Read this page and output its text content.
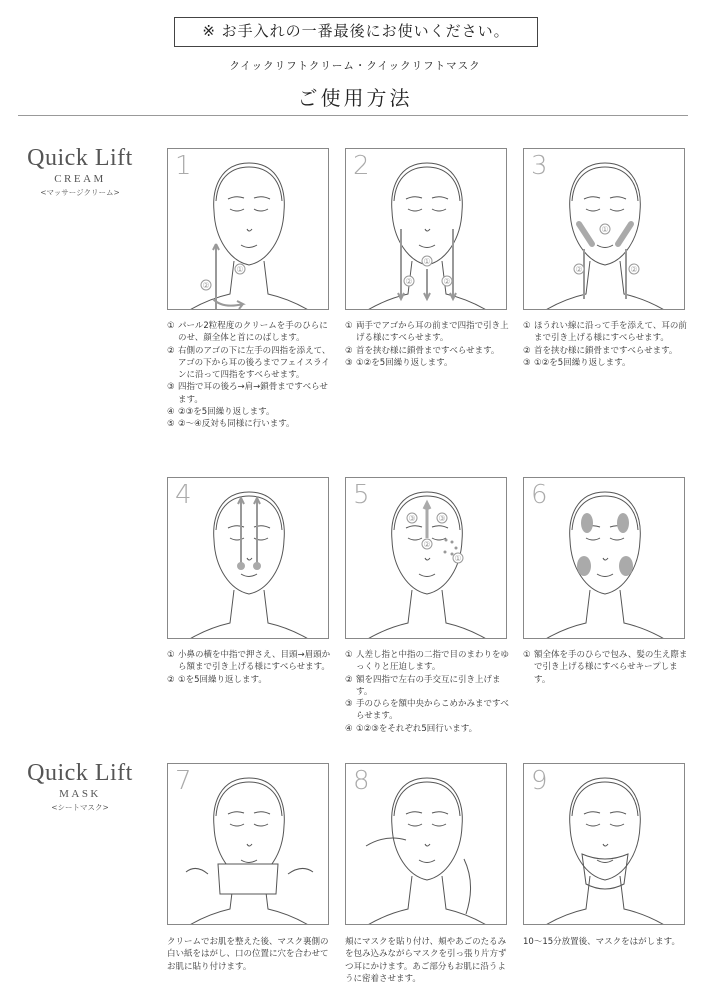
※ お手入れの一番最後にお使いください。
クイックリフトクリーム・クイックリフトマスク
ご使用方法
Quick Lift
CREAM
<マッサージクリーム>
Quick Lift
MASK
<シートマスク>
1
①
②
2
①
②	②
3
①
②	②
4	5
③	③
②
①
6
7	8	9
① パール2粒程度のクリームを手のひらにのせ、顔全体と首にのばします。
② 右側のアゴの下に左手の四指を添えて、アゴの下から耳の後ろまでフェイスラインに沿って四指をすべらせます。
③ 四指で耳の後ろ→肩→鎖骨まですべらせます。
④ ②③を5回繰り返します。
⑤ ②〜④反対も同様に行います。
① 両手でアゴから耳の前まで四指で引き上げる様にすべらせます。
② 首を挟む様に鎖骨まですべらせます。
③ ①②を5回繰り返します。
① ほうれい線に沿って手を添えて、耳の前まで引き上げる様にすべらせます。
② 首を挟む様に鎖骨まですべらせます。
③ ①②を5回繰り返します。
① 小鼻の横を中指で押さえ、目頭→眉頭から額まで引き上げる様にすべらせます。
② ①を5回繰り返します。
① 人差し指と中指の二指で目のまわりをゆっくりと圧迫します。
② 額を四指で左右の手交互に引き上げます。
③ 手のひらを額中央からこめかみまですべらせます。
④ ①②③をそれぞれ5回行います。
① 額全体を手のひらで包み、髪の生え際まで引き上げる様にすべらせキープします。
クリームでお肌を整えた後、マスク裏側の白い紙をはがし、口の位置に穴を合わせてお肌に貼り付けます。
頬にマスクを貼り付け、頬やあごのたるみを包み込みながらマスクを引っ張り片方ずつ耳にかけます。あご部分もお肌に沿うように密着させます。
10〜15分放置後、マスクをはがします。
